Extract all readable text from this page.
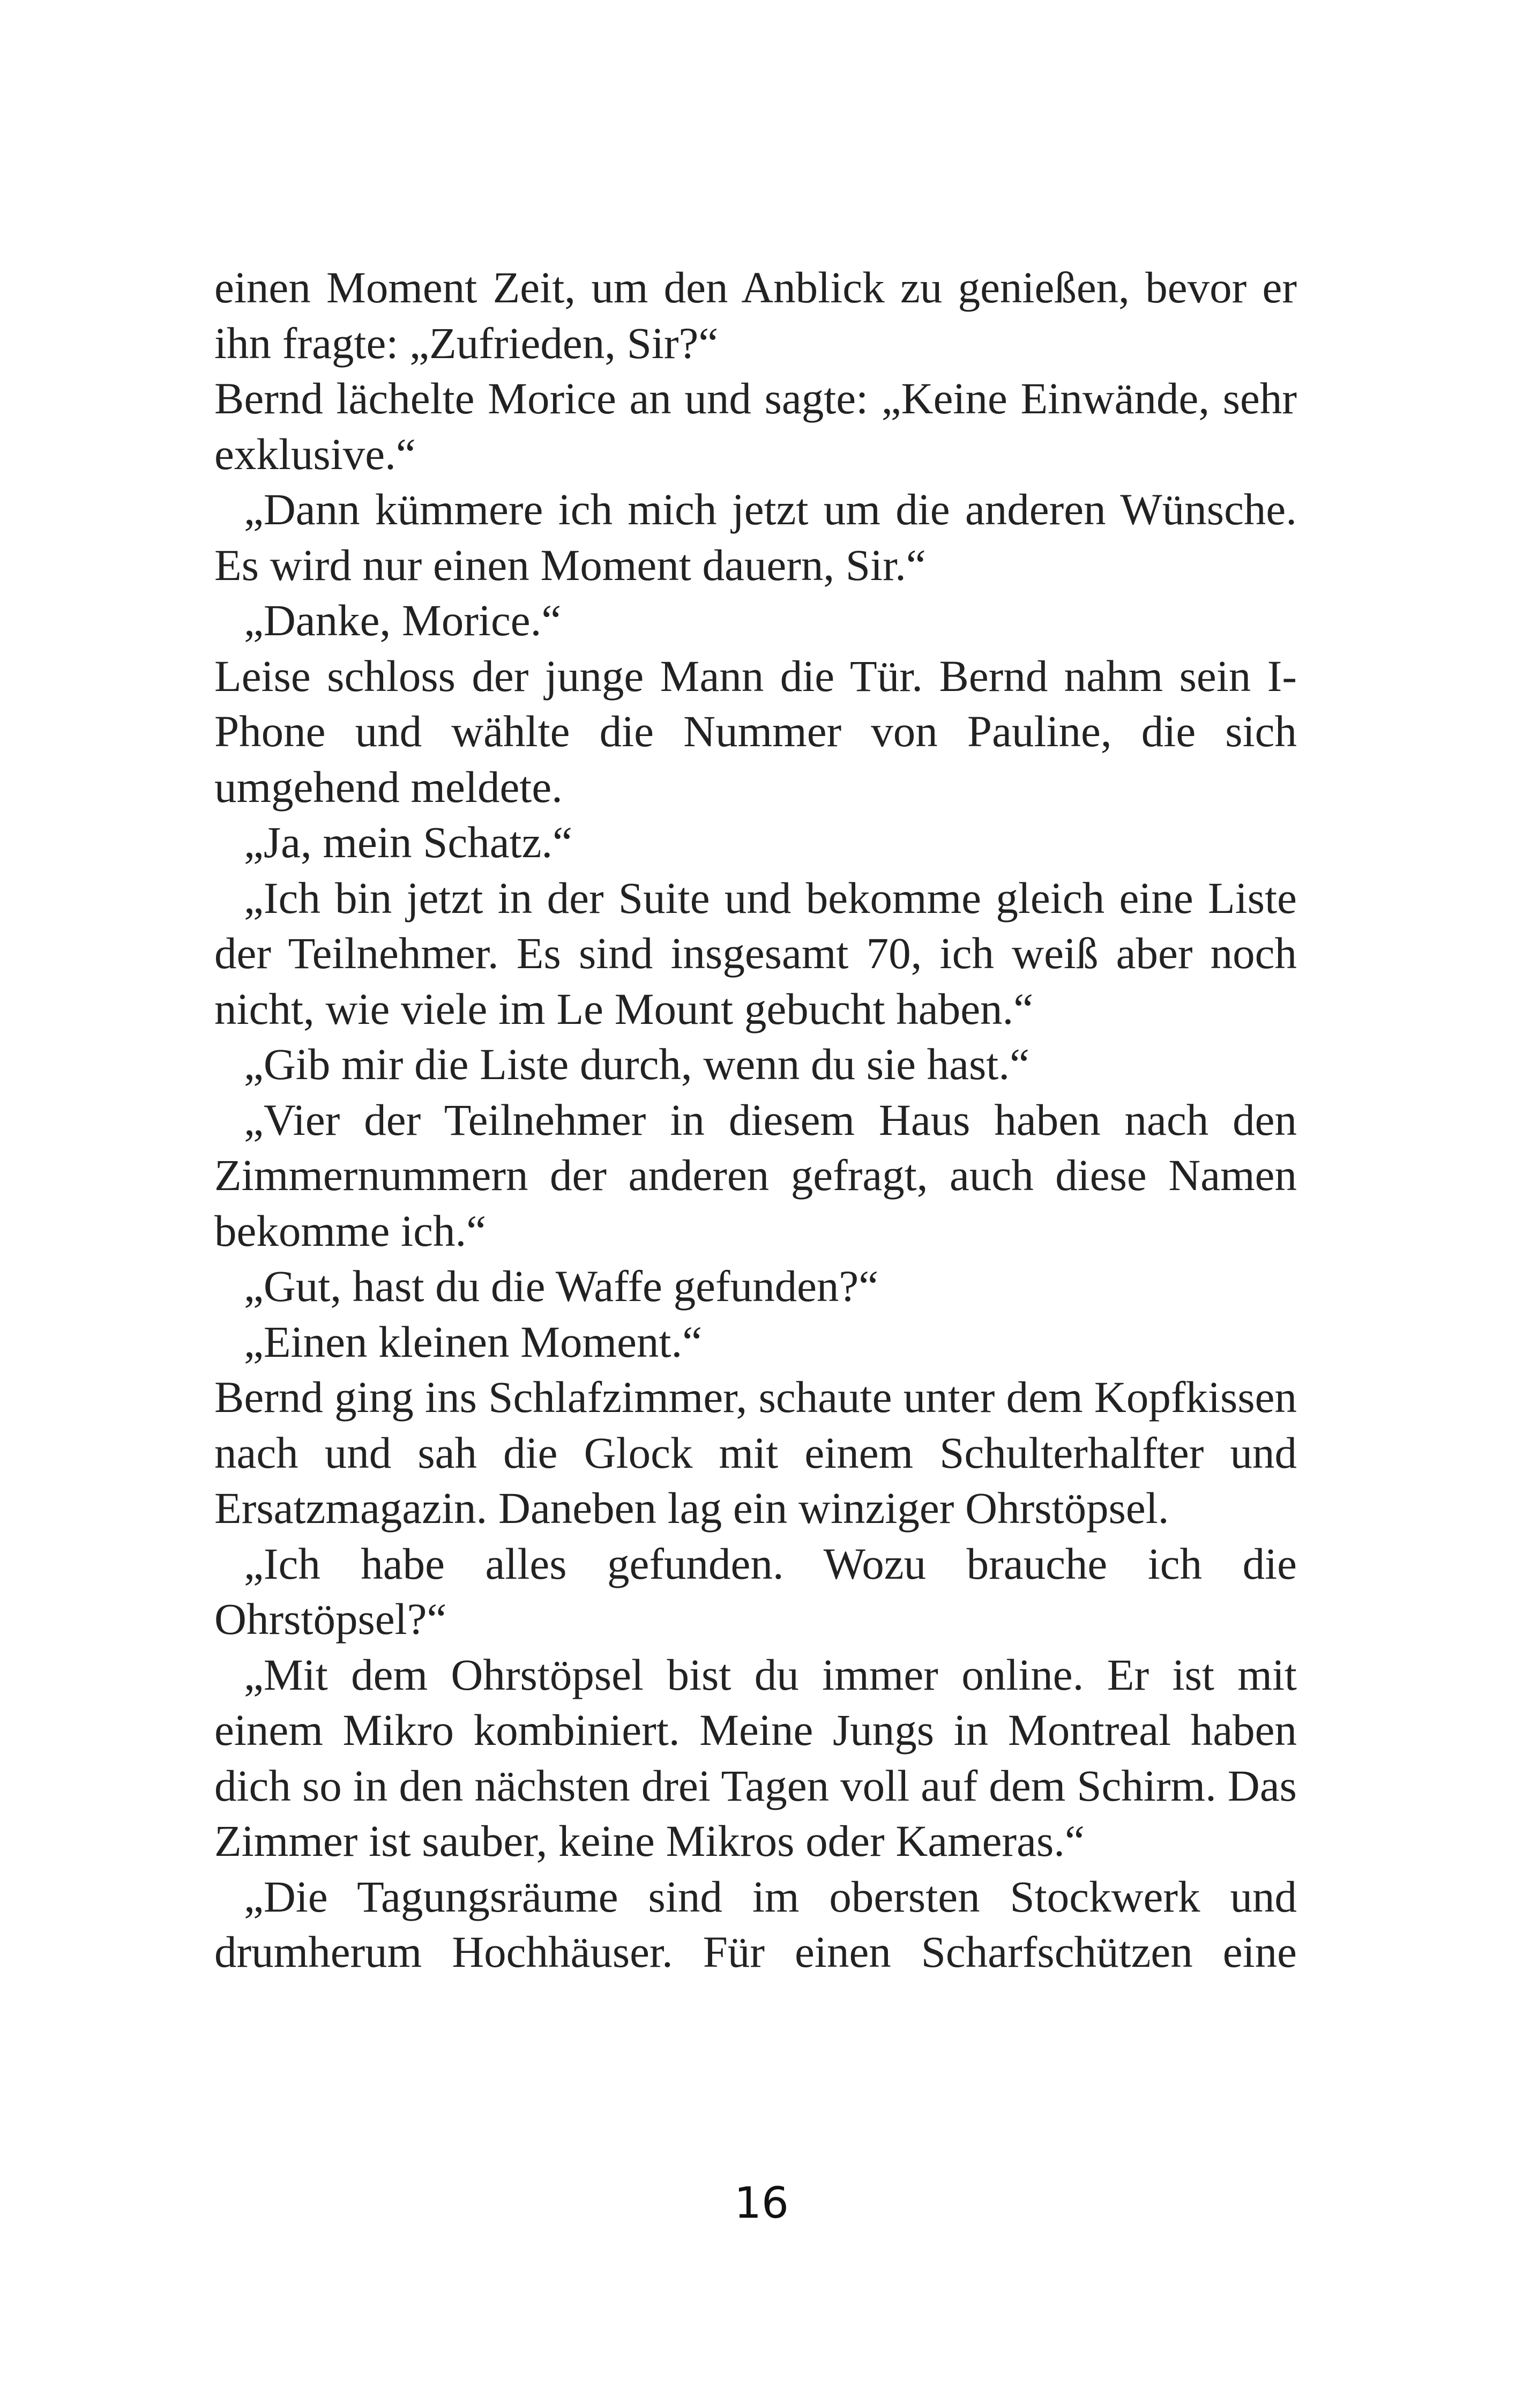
einen Moment Zeit, um den Anblick zu genießen, bevor er ihn fragte: „Zufrieden, Sir?“

Bernd lächelte Morice an und sagte: „Keine Einwände, sehr exklusive.“

„Dann kümmere ich mich jetzt um die anderen Wünsche. Es wird nur einen Moment dauern, Sir.“

„Danke, Morice.“

Leise schloss der junge Mann die Tür. Bernd nahm sein I-Phone und wählte die Nummer von Pauline, die sich umgehend meldete.

„Ja, mein Schatz.“

„Ich bin jetzt in der Suite und bekomme gleich eine Liste der Teilnehmer. Es sind insgesamt 70, ich weiß aber noch nicht, wie viele im Le Mount gebucht haben.“

„Gib mir die Liste durch, wenn du sie hast.“

„Vier der Teilnehmer in diesem Haus haben nach den Zimmernummern der anderen gefragt, auch diese Namen bekomme ich.“

„Gut, hast du die Waffe gefunden?“

„Einen kleinen Moment.“

Bernd ging ins Schlafzimmer, schaute unter dem Kopfkissen nach und sah die Glock mit einem Schulterhalfter und Ersatzmagazin. Daneben lag ein winziger Ohrstöpsel.

„Ich habe alles gefunden. Wozu brauche ich die Ohrstöpsel?“

„Mit dem Ohrstöpsel bist du immer online. Er ist mit einem Mikro kombiniert. Meine Jungs in Montreal haben dich so in den nächsten drei Tagen voll auf dem Schirm. Das Zimmer ist sauber, keine Mikros oder Kameras.“

„Die Tagungsräume sind im obersten Stockwerk und drumherum Hochhäuser. Für einen Scharfschützen eine

16
